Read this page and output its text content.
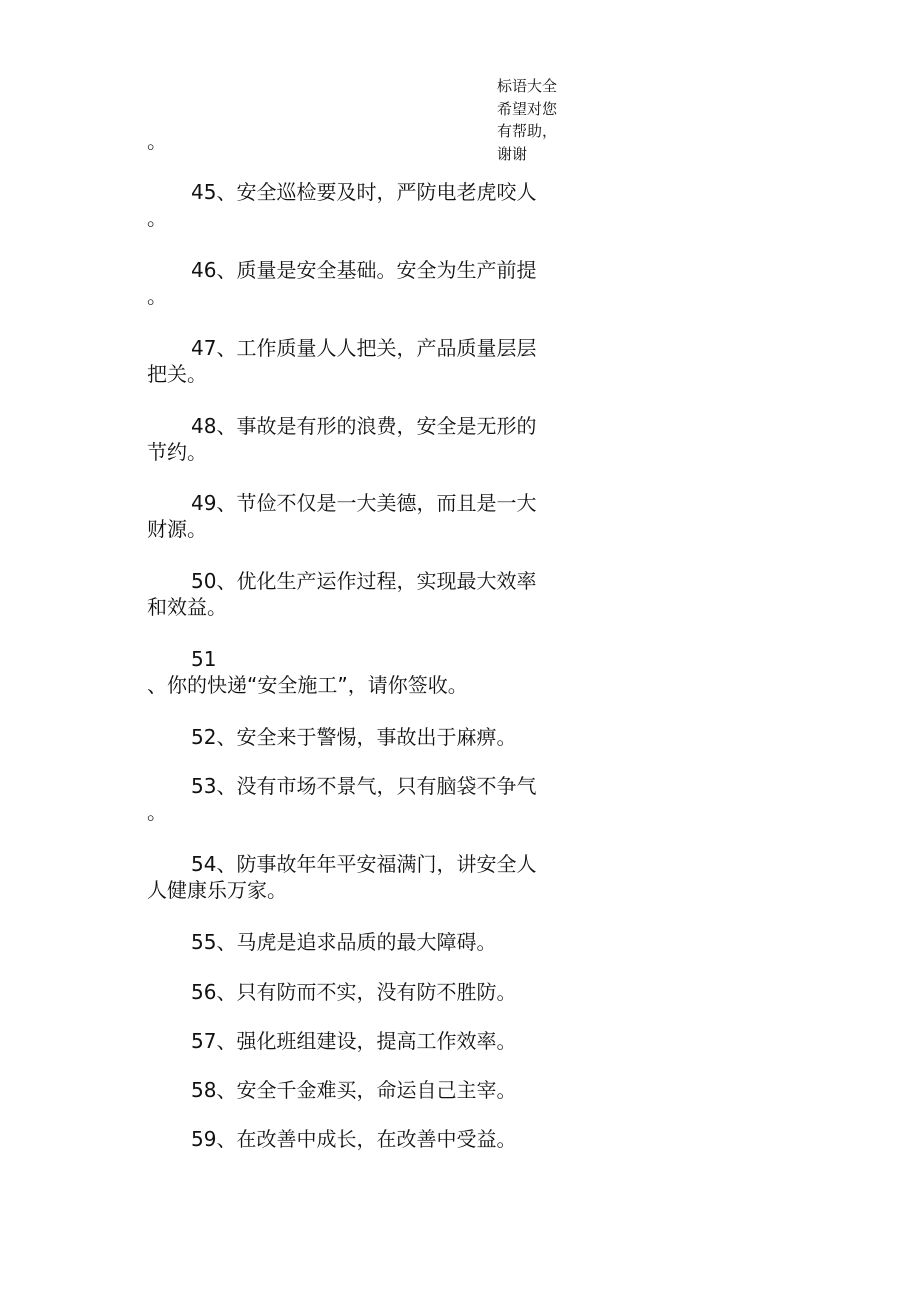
标语大全
希望对您
有帮助，
谢谢
。
45、安全巡检要及时，严防电老虎咬人
。
46、质量是安全基础。安全为生产前提
。
47、工作质量人人把关，产品质量层层
把关。
48、事故是有形的浪费，安全是无形的
节约。
49、节俭不仅是一大美德，而且是一大
财源。
50、优化生产运作过程，实现最大效率
和效益。
51
、你的快递“安全施工”，请你签收。
52、安全来于警惕，事故出于麻痹。
53、没有市场不景气，只有脑袋不争气
。
54、防事故年年平安福满门，讲安全人
人健康乐万家。
55、马虎是追求品质的最大障碍。
56、只有防而不实，没有防不胜防。
57、强化班组建设，提高工作效率。
58、安全千金难买，命运自己主宰。
59、在改善中成长，在改善中受益。
